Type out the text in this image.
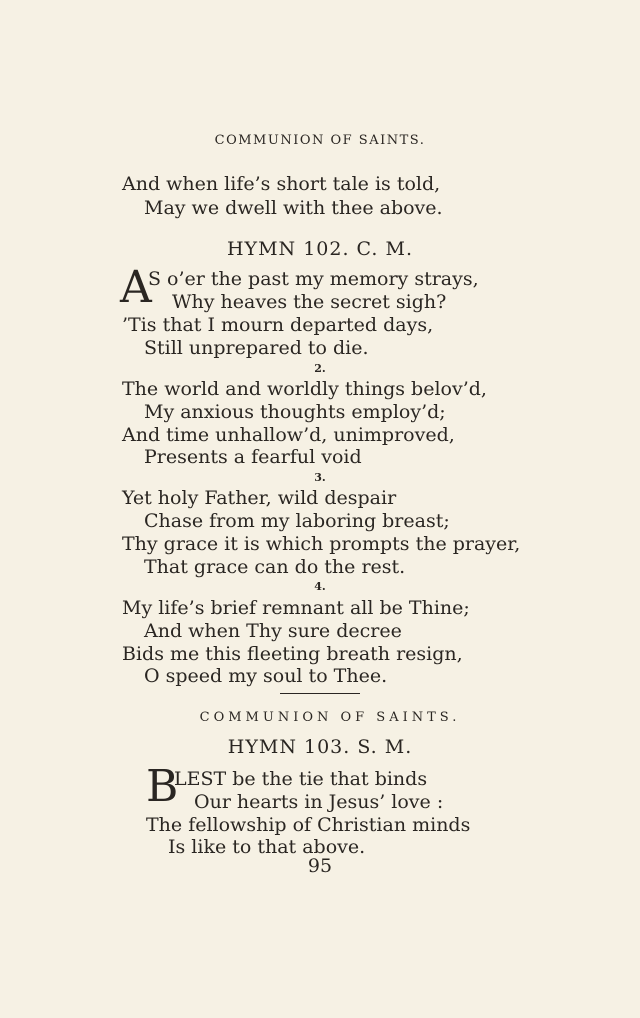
COMMUNION OF SAINTS.
And when life’s short tale is told,
May we dwell with thee above.
HYMN 102. C. M.
A
S o’er the past my memory strays,
Why heaves the secret sigh?
’Tis that I mourn departed days,
Still unprepared to die.
2.
The world and worldly things belov’d,
My anxious thoughts employ’d;
And time unhallow’d, unimproved,
Presents a fearful void
3.
Yet holy Father, wild despair
Chase from my laboring breast;
Thy grace it is which prompts the prayer,
That grace can do the rest.
4.
My life’s brief remnant all be Thine;
And when Thy sure decree
Bids me this fleeting breath resign,
O speed my soul to Thee.
COMMUNION OF SAINTS.
HYMN 103. S. M.
B
LEST be the tie that binds
Our hearts in Jesus’ love :
The fellowship of Christian minds
Is like to that above.
95
